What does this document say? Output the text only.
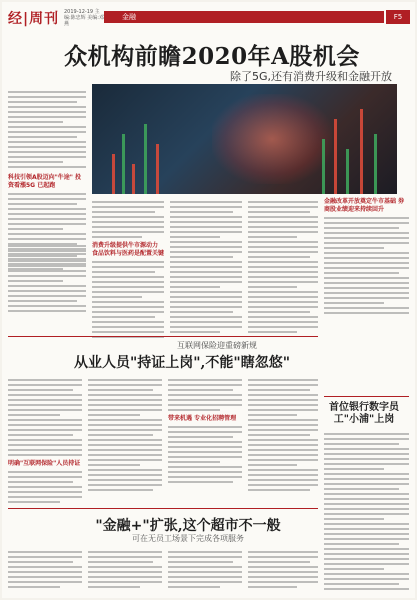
经|周刊 2019-12-19 主编:陈忠辉 美编:邓燕
金融	F5
众机构前瞻2020年A股机会
除了5G,还有消费升级和金融开放
科技引领A股迈向"牛途" 投资看漲5G 已起跑
金融改革开放奠定牛市基础 券商股业绩迎来持续回升
消费升级提供牛市源动力 食品饮料与医药是配置关键
互联网保险迎重磅新规
从业人员"持证上岗",不能"瞎忽悠"
明确"互联网保险"人员持证
带来机遇 专业化招聘管理
首位银行数字员工"小浦"上岗
"金融+"扩张,这个超市不一般
可在无员工场景下完成各项服务
